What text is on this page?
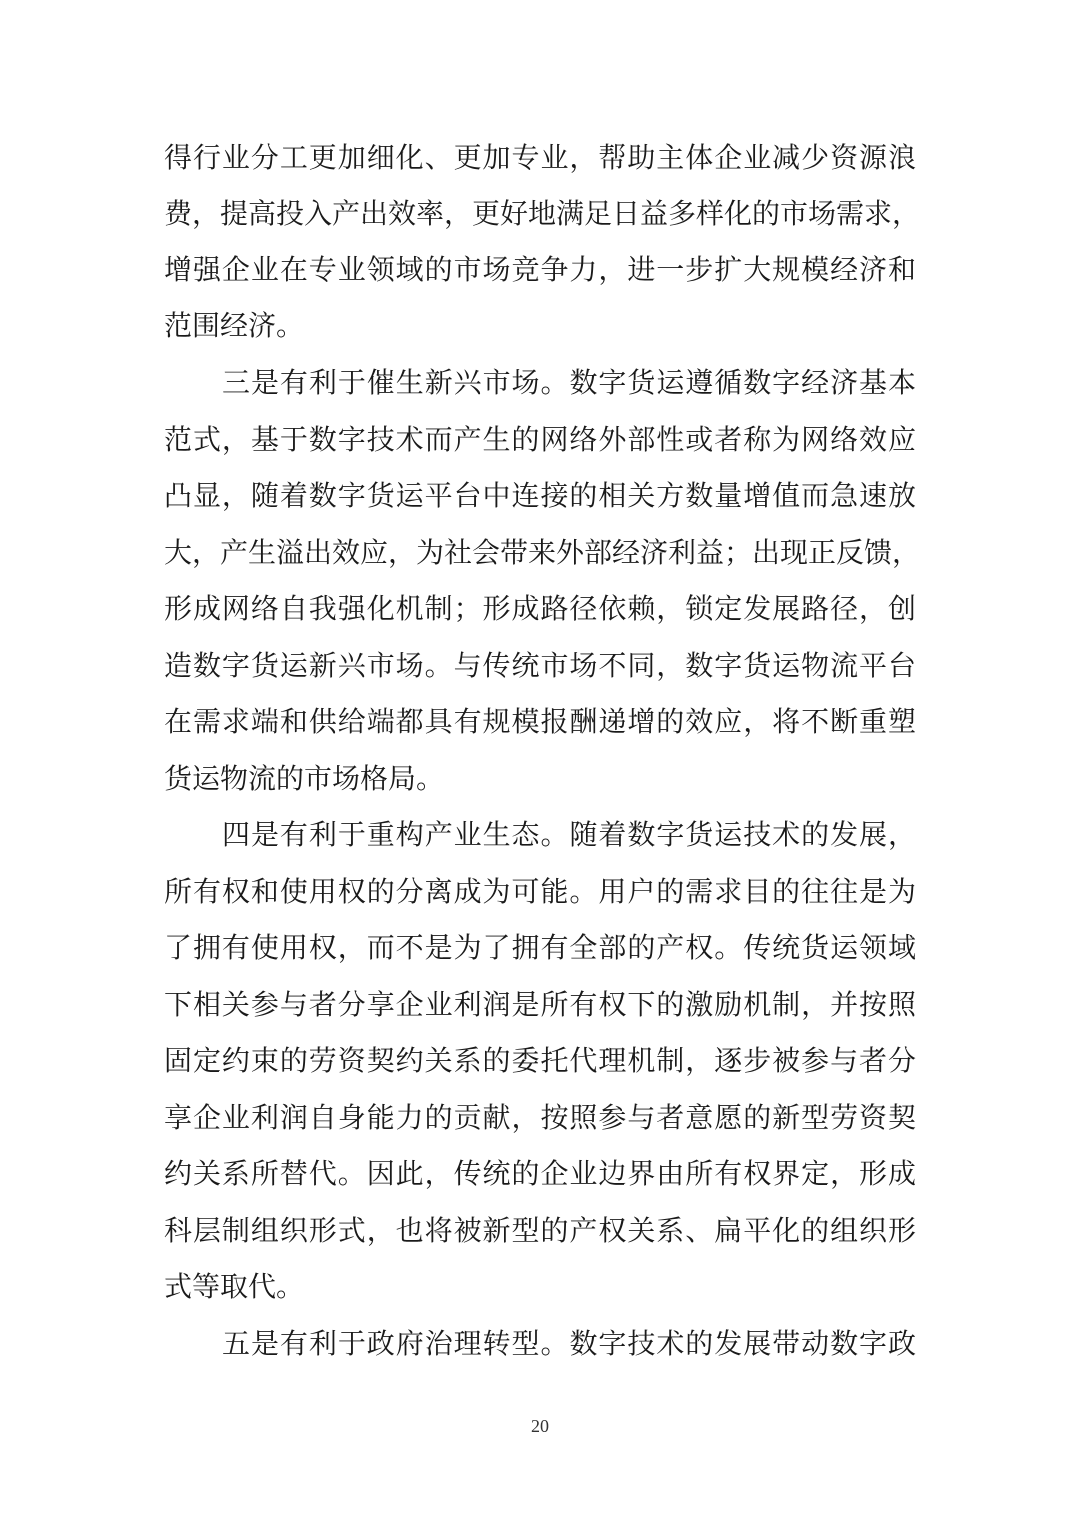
得行业分工更加细化、更加专业，帮助主体企业减少资源浪
费，提高投入产出效率，更好地满足日益多样化的市场需求，
增强企业在专业领域的市场竞争力，进一步扩大规模经济和
范围经济。
三是有利于催生新兴市场。数字货运遵循数字经济基本
范式，基于数字技术而产生的网络外部性或者称为网络效应
凸显，随着数字货运平台中连接的相关方数量增值而急速放
大，产生溢出效应，为社会带来外部经济利益；出现正反馈，
形成网络自我强化机制；形成路径依赖，锁定发展路径，创
造数字货运新兴市场。与传统市场不同，数字货运物流平台
在需求端和供给端都具有规模报酬递增的效应，将不断重塑
货运物流的市场格局。
四是有利于重构产业生态。随着数字货运技术的发展，
所有权和使用权的分离成为可能。用户的需求目的往往是为
了拥有使用权，而不是为了拥有全部的产权。传统货运领域
下相关参与者分享企业利润是所有权下的激励机制，并按照
固定约束的劳资契约关系的委托代理机制，逐步被参与者分
享企业利润自身能力的贡献，按照参与者意愿的新型劳资契
约关系所替代。因此，传统的企业边界由所有权界定，形成
科层制组织形式，也将被新型的产权关系、扁平化的组织形
式等取代。
五是有利于政府治理转型。数字技术的发展带动数字政
20
